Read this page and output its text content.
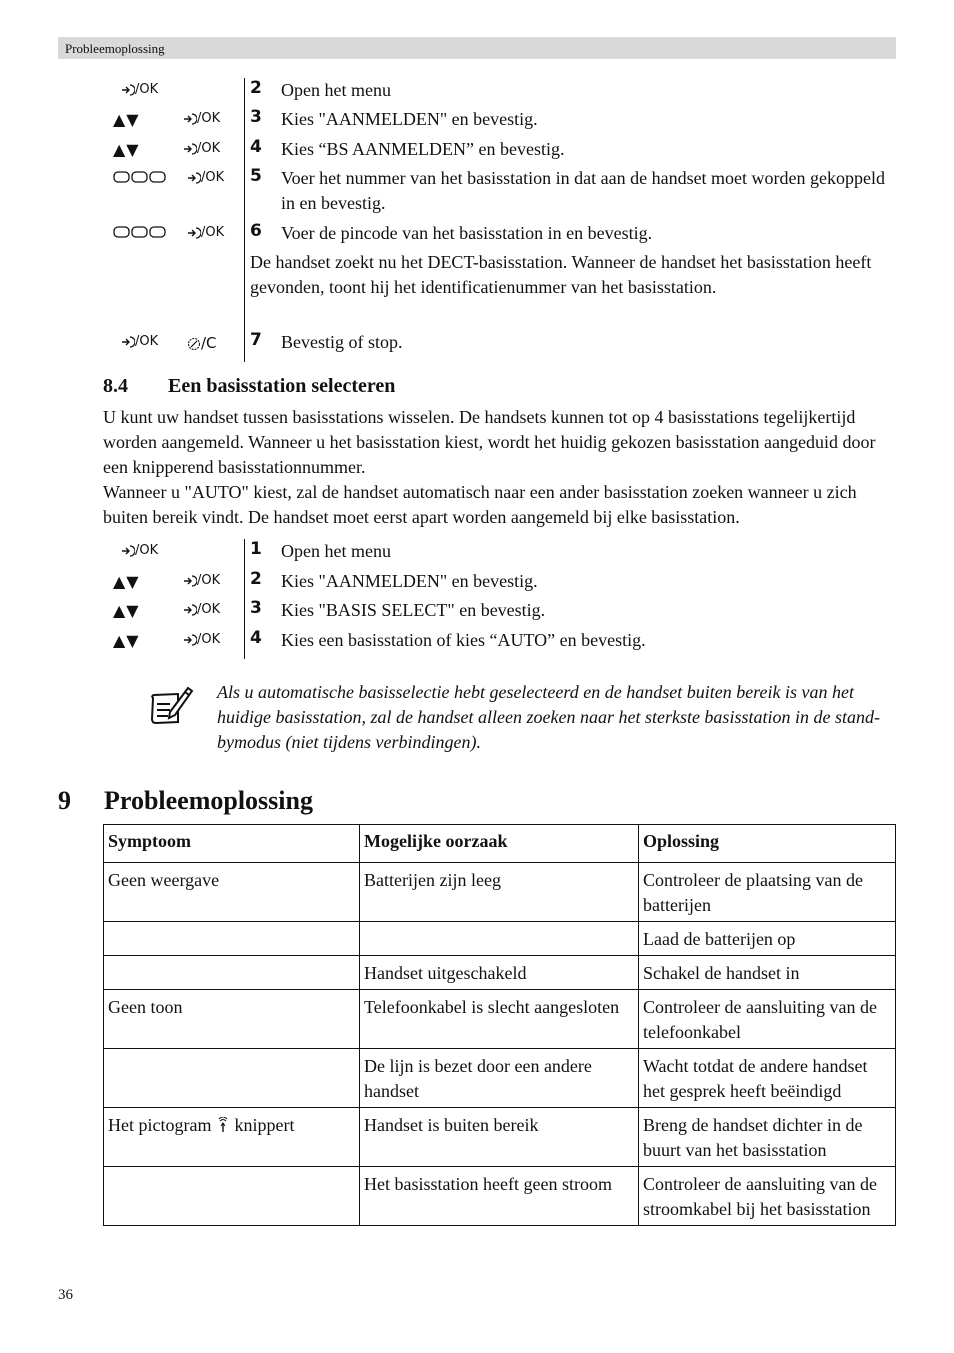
Probleemoplossing
/OK	2 Open het menu
▲▼	/OK 3 Kies "AANMELDEN" en bevestig.
▲▼	/OK 4 Kies “BS AANMELDEN” en bevestig.
/OK 5 Voer het nummer van het basisstation in dat aan de handset moet worden gekoppeld in en bevestig.
/OK 6 Voer de pincode van het basisstation in en bevestig.
De handset zoekt nu het DECT-basisstation. Wanneer de handset het basisstation heeft gevonden, toont hij het identificatienummer van het basisstation.
/OK	/C 7 Bevestig of stop.
8.4 Een basisstation selecteren
U kunt uw handset tussen basisstations wisselen. De handsets kunnen tot op 4 basisstations tegelijkertijd worden aangemeld. Wanneer u het basisstation kiest, wordt het huidig gekozen basisstation aangeduid door een knipperend basisstationnummer.
Wanneer u "AUTO" kiest, zal de handset automatisch naar een ander basisstation zoeken wanneer u zich buiten bereik vindt. De handset moet eerst apart worden aangemeld bij elke basisstation.
/OK	1 Open het menu
▲▼	/OK 2 Kies "AANMELDEN" en bevestig.
▲▼	/OK 3 Kies "BASIS SELECT" en bevestig.
▲▼	/OK 4 Kies een basisstation of kies “AUTO” en bevestig.
Als u automatische basisselectie hebt geselecteerd en de handset buiten bereik is van het huidige basisstation, zal de handset alleen zoeken naar het sterkste basisstation in de stand-bymodus (niet tijdens verbindingen).
9 Probleemoplossing
Symptoom	Mogelijke oorzaak	Oplossing
Geen weergave	Batterijen zijn leeg	Controleer de plaatsing van de batterijen
		Laad de batterijen op
	Handset uitgeschakeld	Schakel de handset in
Geen toon	Telefoonkabel is slecht aangesloten	Controleer de aansluiting van de telefoonkabel
	De lijn is bezet door een andere handset	Wacht totdat de andere handset het gesprek heeft beëindigd
Het pictogram knippert	Handset is buiten bereik	Breng de handset dichter in de buurt van het basisstation
	Het basisstation heeft geen stroom	Controleer de aansluiting van de stroomkabel bij het basisstation
36
